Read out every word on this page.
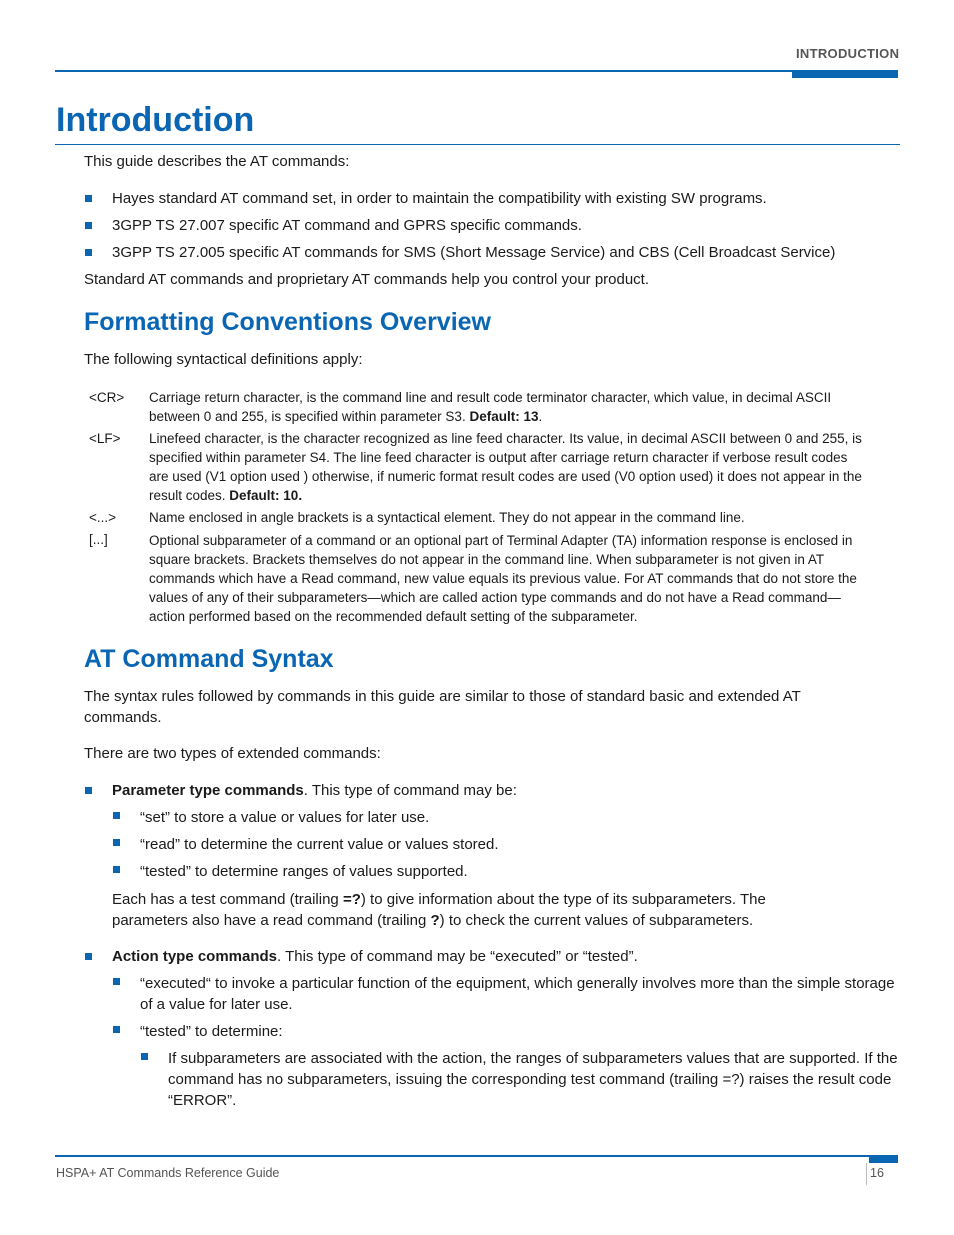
INTRODUCTION
Introduction
This guide describes the AT commands:
Hayes standard AT command set, in order to maintain the compatibility with existing SW programs.
3GPP TS 27.007 specific AT command and GPRS specific commands.
3GPP TS 27.005 specific AT commands for SMS (Short Message Service) and CBS (Cell Broadcast Service)
Standard AT commands and proprietary AT commands help you control your product.
Formatting Conventions Overview
The following syntactical definitions apply:
<CR> Carriage return character, is the command line and result code terminator character, which value, in decimal ASCII between 0 and 255, is specified within parameter S3. Default: 13.
<LF> Linefeed character, is the character recognized as line feed character. Its value, in decimal ASCII between 0 and 255, is specified within parameter S4. The line feed character is output after carriage return character if verbose result codes are used (V1 option used ) otherwise, if numeric format result codes are used (V0 option used) it does not appear in the result codes. Default: 10.
<...> Name enclosed in angle brackets is a syntactical element. They do not appear in the command line.
[...]	Optional subparameter of a command or an optional part of Terminal Adapter (TA) information response is enclosed in square brackets. Brackets themselves do not appear in the command line. When subparameter is not given in AT commands which have a Read command, new value equals its previous value. For AT commands that do not store the values of any of their subparameters—which are called action type commands and do not have a Read command—action performed based on the recommended default setting of the subparameter.
AT Command Syntax
The syntax rules followed by commands in this guide are similar to those of standard basic and extended AT commands.
There are two types of extended commands:
Parameter type commands. This type of command may be:
“set” to store a value or values for later use.
“read” to determine the current value or values stored.
“tested” to determine ranges of values supported.
Each has a test command (trailing =?) to give information about the type of its subparameters. The parameters also have a read command (trailing ?) to check the current values of subparameters.
Action type commands. This type of command may be “executed” or “tested”.
“executed“ to invoke a particular function of the equipment, which generally involves more than the simple storage of a value for later use.
“tested” to determine:
If subparameters are associated with the action, the ranges of subparameters values that are supported. If the command has no subparameters, issuing the corresponding test command (trailing =?) raises the result code “ERROR”.
HSPA+ AT Commands Reference Guide	16
